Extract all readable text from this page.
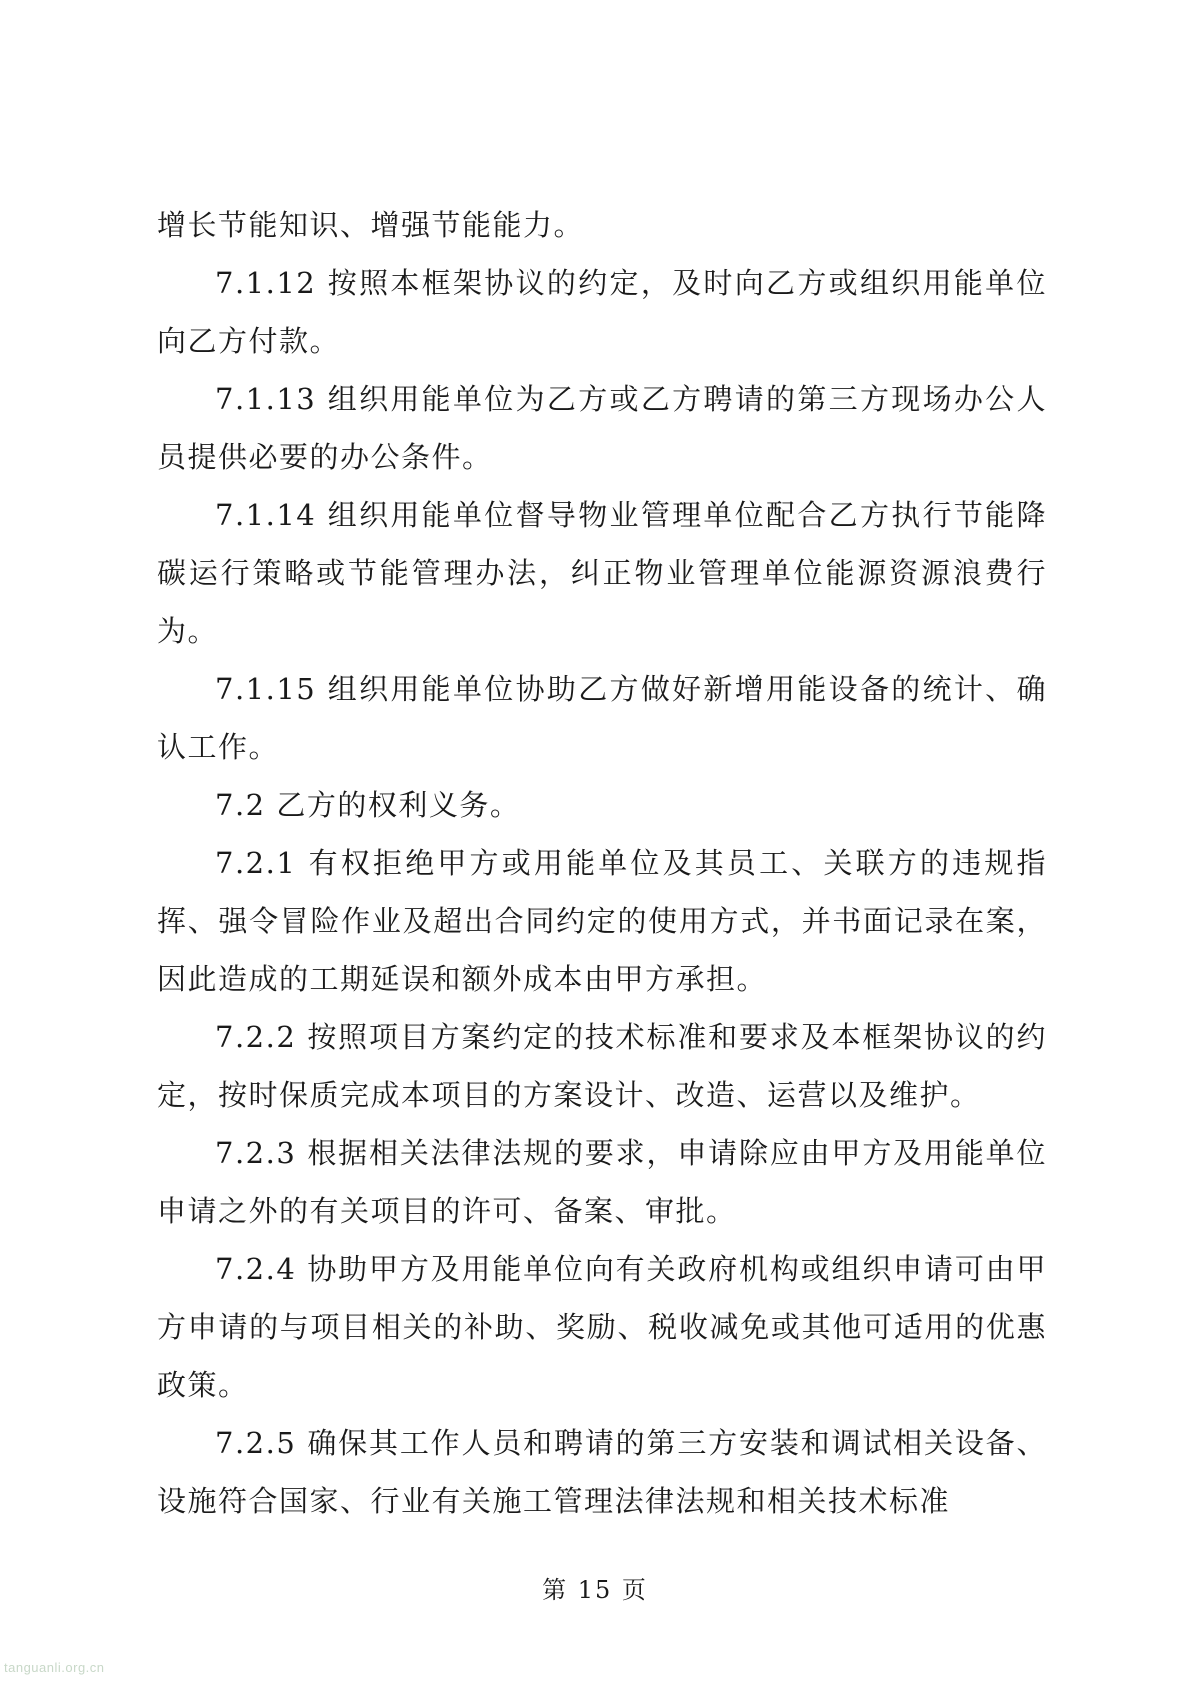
增长节能知识、增强节能能力。

7.1.12 按照本框架协议的约定，及时向乙方或组织用能单位向乙方付款。

7.1.13 组织用能单位为乙方或乙方聘请的第三方现场办公人员提供必要的办公条件。

7.1.14 组织用能单位督导物业管理单位配合乙方执行节能降碳运行策略或节能管理办法，纠正物业管理单位能源资源浪费行为。

7.1.15 组织用能单位协助乙方做好新增用能设备的统计、确认工作。

7.2 乙方的权利义务。

7.2.1 有权拒绝甲方或用能单位及其员工、关联方的违规指挥、强令冒险作业及超出合同约定的使用方式，并书面记录在案，因此造成的工期延误和额外成本由甲方承担。

7.2.2 按照项目方案约定的技术标准和要求及本框架协议的约定，按时保质完成本项目的方案设计、改造、运营以及维护。

7.2.3 根据相关法律法规的要求，申请除应由甲方及用能单位申请之外的有关项目的许可、备案、审批。

7.2.4 协助甲方及用能单位向有关政府机构或组织申请可由甲方申请的与项目相关的补助、奖励、税收减免或其他可适用的优惠政策。

7.2.5 确保其工作人员和聘请的第三方安装和调试相关设备、设施符合国家、行业有关施工管理法律法规和相关技术标准

第 15 页
tanguanli.org.cn
